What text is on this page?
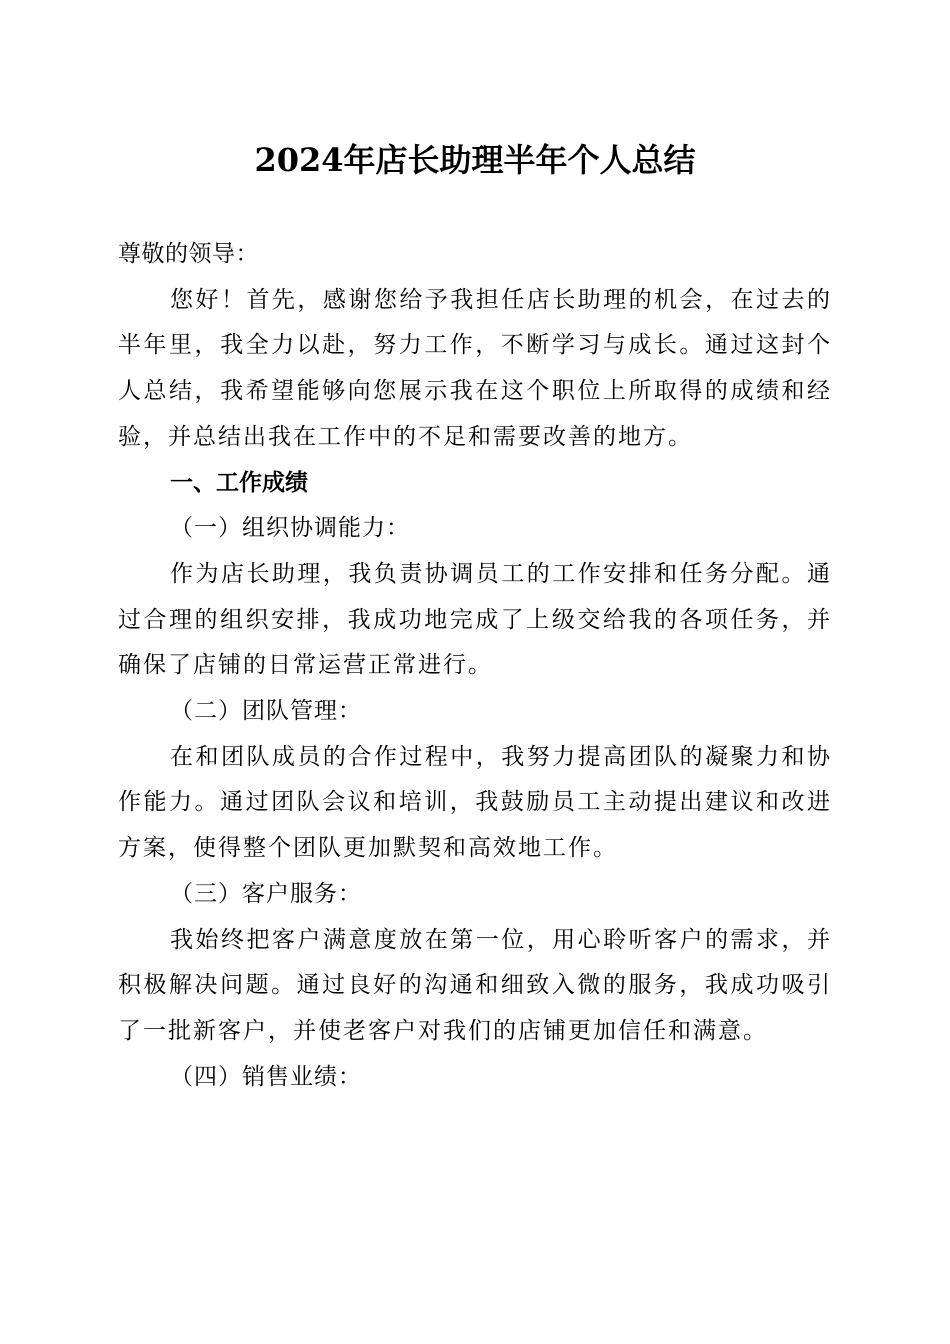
2024年店长助理半年个人总结

尊敬的领导：

您好！首先，感谢您给予我担任店长助理的机会，在过去的半年里，我全力以赴，努力工作，不断学习与成长。通过这封个人总结，我希望能够向您展示我在这个职位上所取得的成绩和经验，并总结出我在工作中的不足和需要改善的地方。

一、工作成绩

（一）组织协调能力：

作为店长助理，我负责协调员工的工作安排和任务分配。通过合理的组织安排，我成功地完成了上级交给我的各项任务，并确保了店铺的日常运营正常进行。

（二）团队管理：

在和团队成员的合作过程中，我努力提高团队的凝聚力和协作能力。通过团队会议和培训，我鼓励员工主动提出建议和改进方案，使得整个团队更加默契和高效地工作。

（三）客户服务：

我始终把客户满意度放在第一位，用心聆听客户的需求，并积极解决问题。通过良好的沟通和细致入微的服务，我成功吸引了一批新客户，并使老客户对我们的店铺更加信任和满意。

（四）销售业绩：
